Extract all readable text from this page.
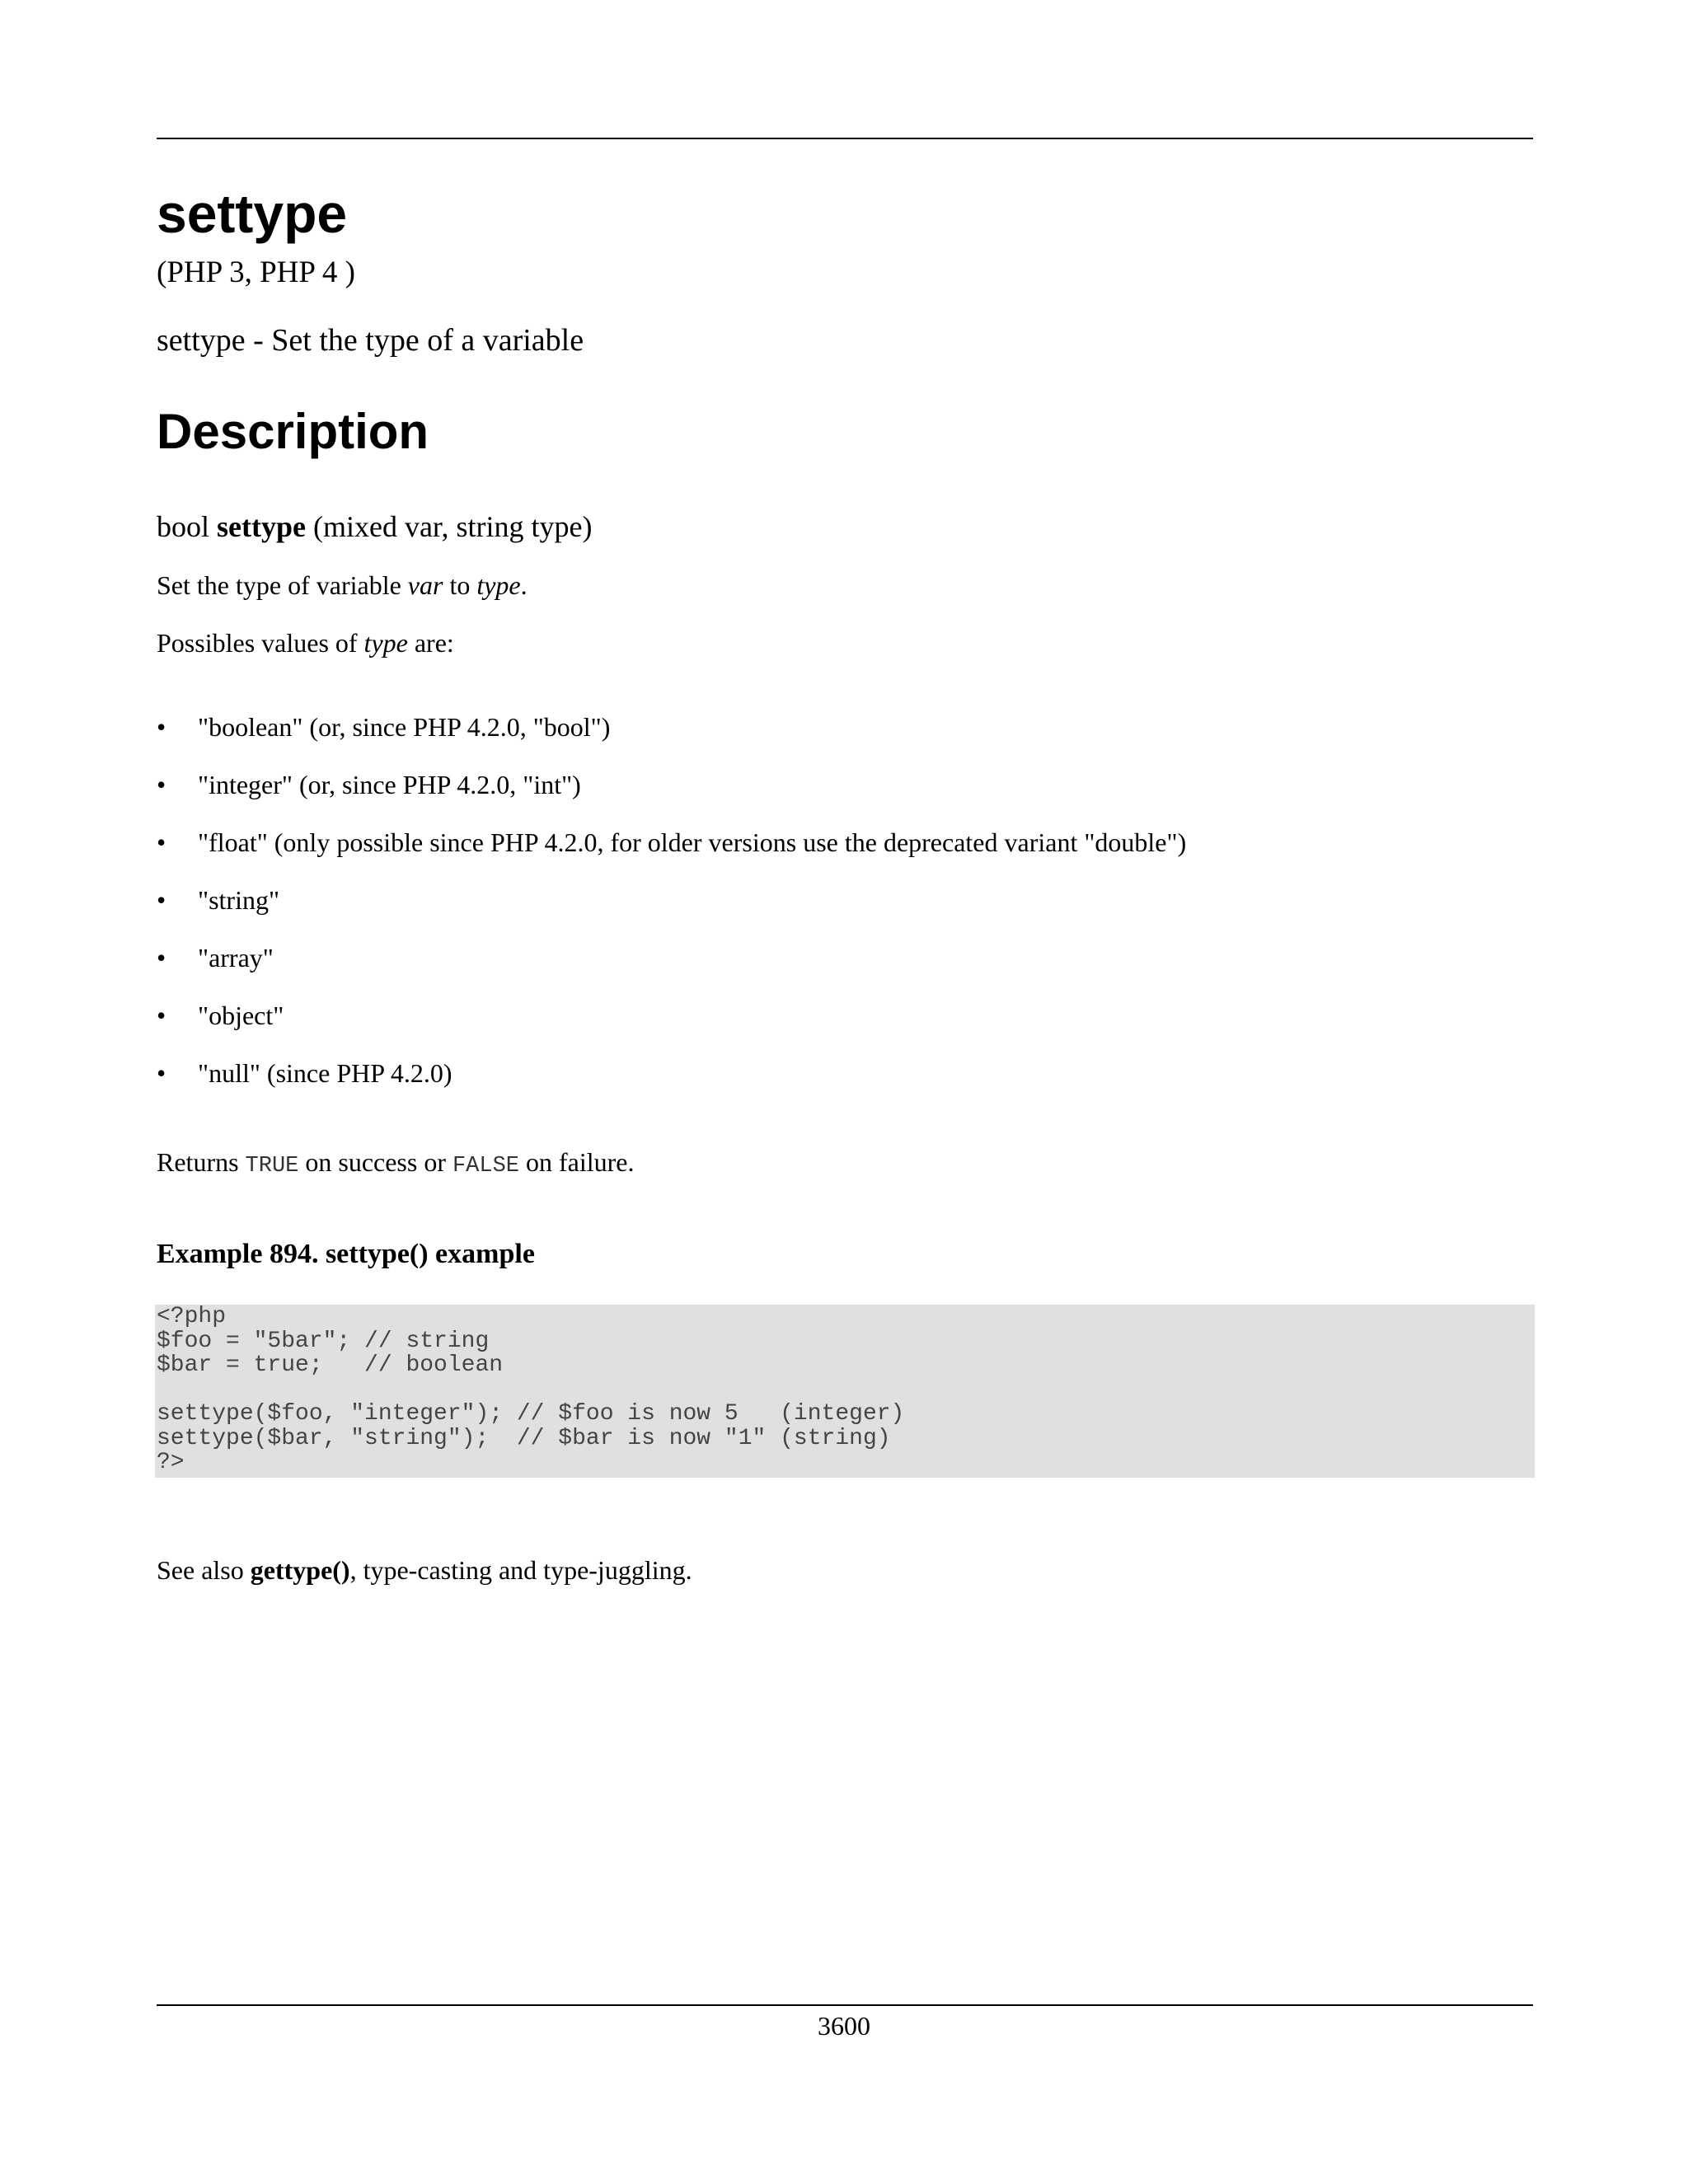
settype
(PHP 3, PHP 4 )
settype - Set the type of a variable
Description
bool settype (mixed var, string type)
Set the type of variable var to type.
Possibles values of type are:
• "boolean" (or, since PHP 4.2.0, "bool")
• "integer" (or, since PHP 4.2.0, "int")
• "float" (only possible since PHP 4.2.0, for older versions use the deprecated variant "double")
• "string"
• "array"
• "object"
• "null" (since PHP 4.2.0)
Returns TRUE on success or FALSE on failure.
Example 894. settype() example
<?php
$foo = "5bar"; // string
$bar = true;   // boolean

settype($foo, "integer"); // $foo is now 5   (integer)
settype($bar, "string");  // $bar is now "1" (string)
?>
See also gettype(), type-casting and type-juggling.
3600
